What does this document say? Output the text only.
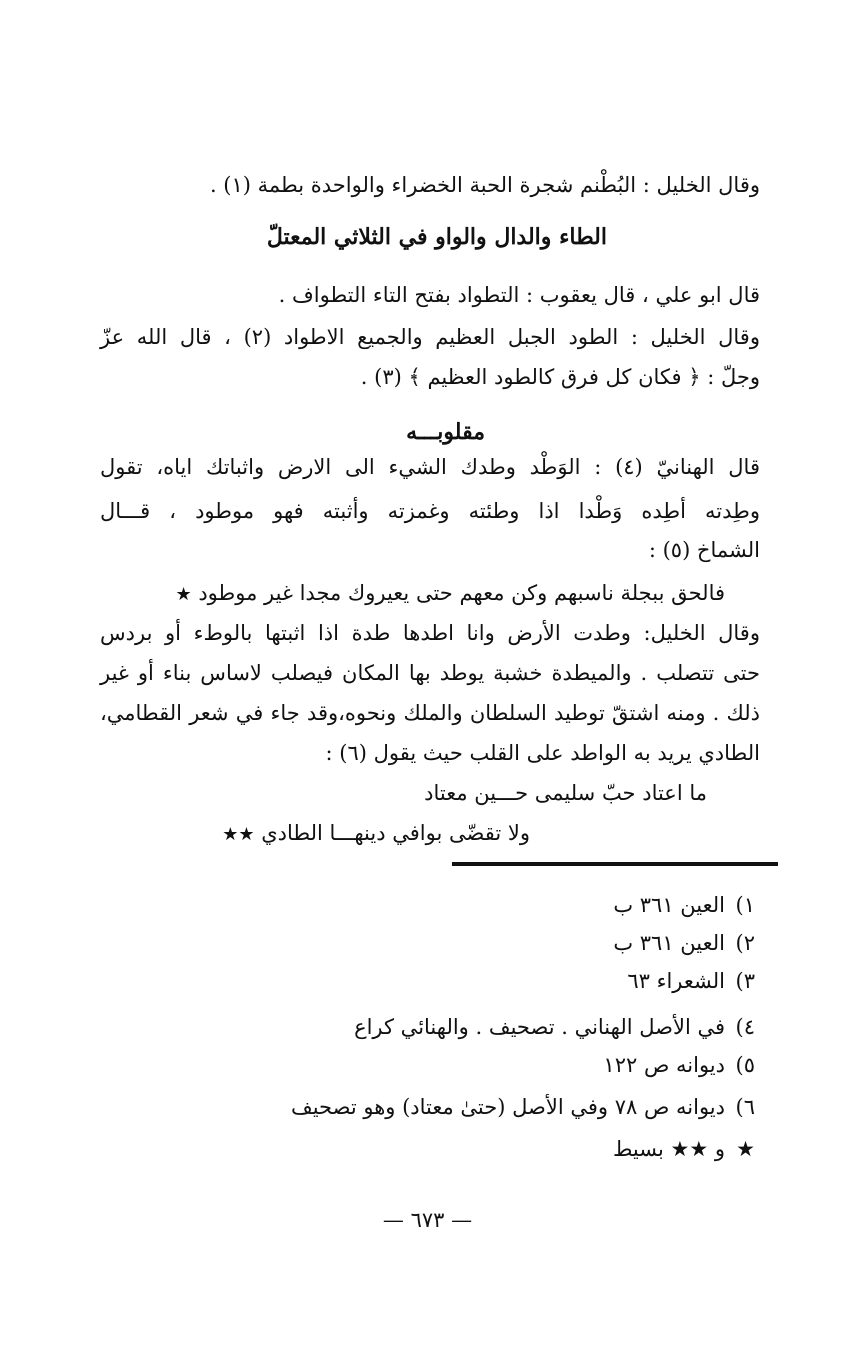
وقال الخليل : البُطْنم شجرة الحبة الخضراء والواحدة بطمة (١) .
الطاء والدال والواو في الثلاثي المعتلّ
قال ابو علي ، قال يعقوب : التطواد بفتح التاء التطواف .
وقال الخليل : الطود الجبل العظيم والجميع الاطواد (٢) ، قال الله عزّ
وجلّ : ﴿ فكان كل فرق كالطود العظيم ﴾ (٣) .
مقلوبـــه
قال الهنانيّ (٤) : الوَطْد وطدك الشيء الى الارض واثباتك اياه، تقول
وطِدته أطِده وَطْدا اذا وطئته وغمزته وأثبته فهو موطود ، قـــال
الشماخ (٥) :
فالحق ببجلة ناسبهم وكن معهم حتى يعيروك مجدا غير موطود ★
وقال الخليل: وطدت الأرض وانا اطدها طدة اذا اثبتها بالوطء أو بردس
حتى تتصلب . والميطدة خشبة يوطد بها المكان فيصلب لاساس بناء أو غير
ذلك . ومنه اشتقّ توطيد السلطان والملك ونحوه،وقد جاء في شعر القطامي،
الطادي يريد به الواطد على القلب حيث يقول (٦) :
ما اعتاد حبّ سليمى حـــين معتاد
ولا تقضّى بوافي دينهـــا الطادي ★★
١)العين ٣٦١ ب
٢)العين ٣٦١ ب
٣)الشعراء ٦٣
٤)في الأصل الهناني . تصحيف . والهنائي كراع
٥)ديوانه ص ١٢٢
٦)ديوانه ص ٧٨ وفي الأصل (حتىٰ معتاد) وهو تصحيف
★و ★★ بسيط
— ٦٧٣ —
